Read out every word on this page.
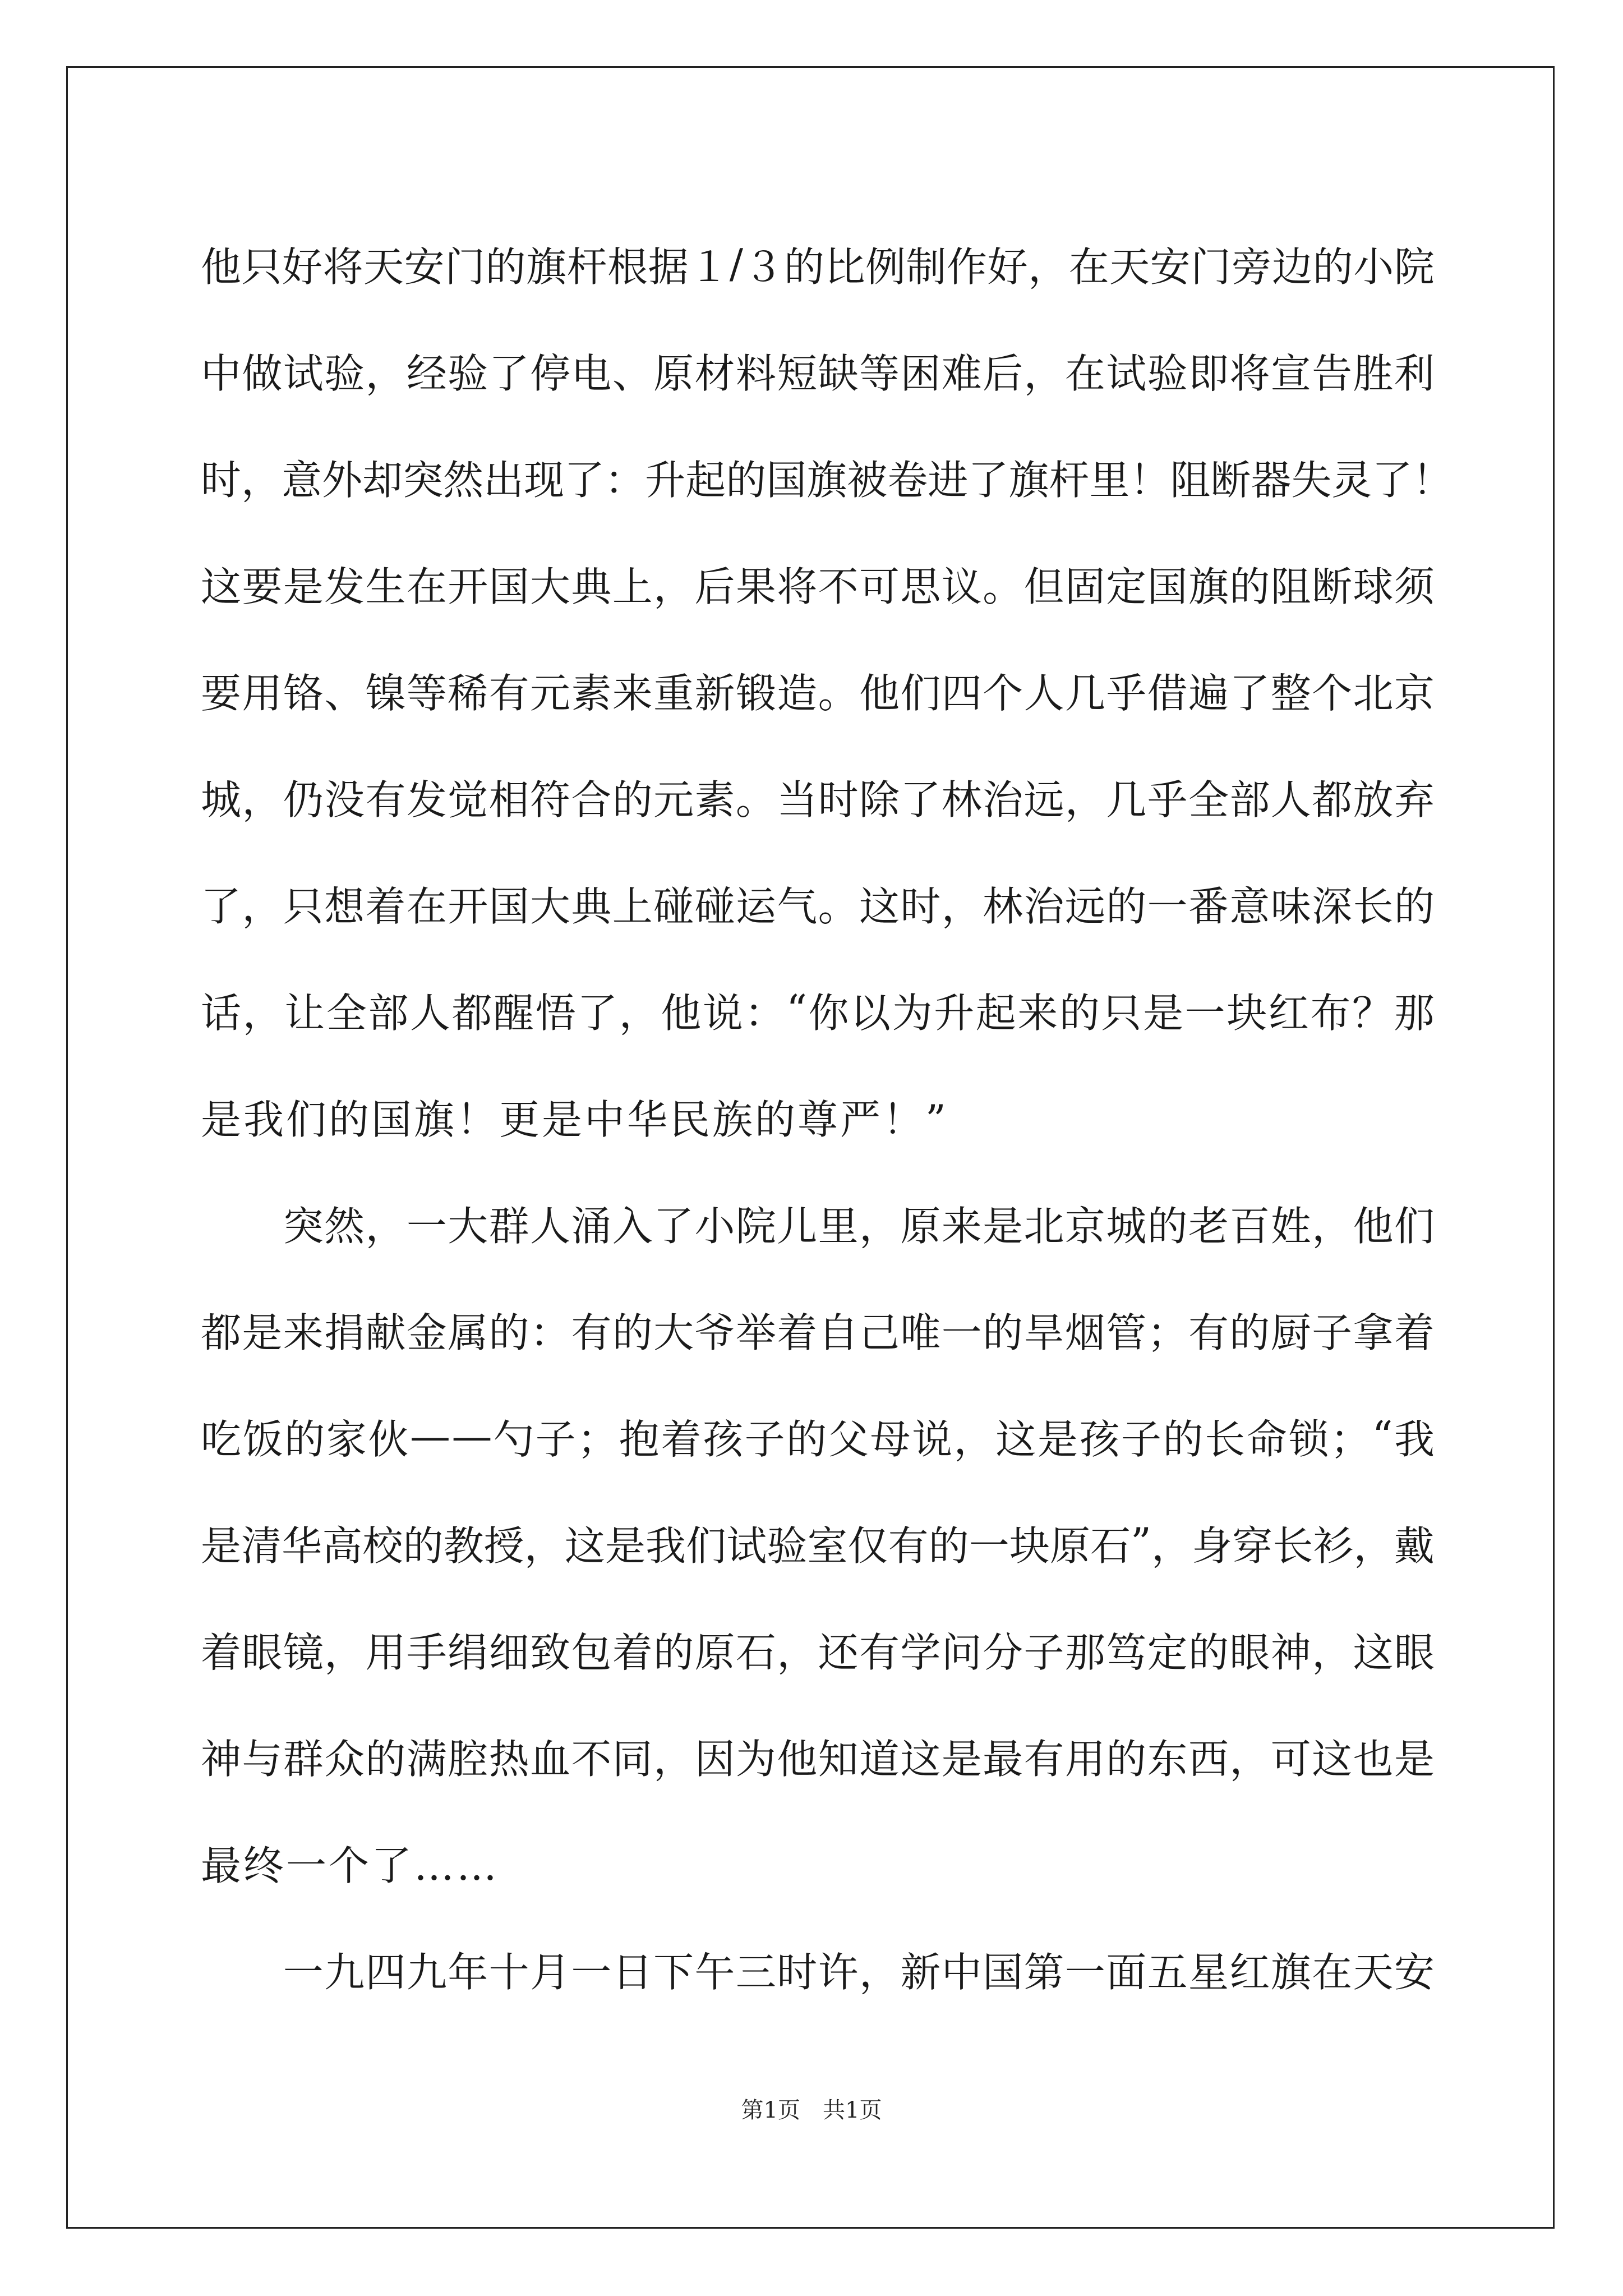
他 只 好 将 天 安 门 的 旗 杆 根 据 １ / ３ 的 比 例 制 作 好 ， 在 天 安 门 旁 边 的 小 院
中 做 试 验 ， 经 验 了 停 电 、 原 材 料 短 缺 等 困 难 后 ， 在 试 验 即 将 宣 告 胜 利
时 ， 意 外 却 突 然 出 现 了 ： 升 起 的 国 旗 被 卷 进 了 旗 杆 里 ！ 阻 断 器 失 灵 了 ！
这 要 是 发 生 在 开 国 大 典 上 ， 后 果 将 不 可 思 议 。 但 固 定 国 旗 的 阻 断 球 须
要 用 铬 、 镍 等 稀 有 元 素 来 重 新 锻 造 。 他 们 四 个 人 几 乎 借 遍 了 整 个 北 京
城 ， 仍 没 有 发 觉 相 符 合 的 元 素 。 当 时 除 了 林 治 远 ， 几 乎 全 部 人 都 放 弃
了 ， 只 想 着 在 开 国 大 典 上 碰 碰 运 气 。 这 时 ， 林 治 远 的 一 番 意 味 深 长 的
话 ， 让 全 部 人 都 醒 悟 了 ， 他 说 ： “ 你 以 为 升 起 来 的 只 是 一 块 红 布 ？ 那
是我们的国旗！更是中华民族的尊严！”

突 然 ， 一 大 群 人 涌 入 了 小 院 儿 里 ， 原 来 是 北 京 城 的 老 百 姓 ， 他 们
都 是 来 捐 献 金 属 的 ： 有 的 大 爷 举 着 自 己 唯 一 的 旱 烟 管 ； 有 的 厨 子 拿 着
吃 饭 的 家 伙 — — 勺 子 ； 抱 着 孩 子 的 父 母 说 ， 这 是 孩 子 的 长 命 锁 ； “ 我
是 清 华 高 校 的 教 授 ， 这 是 我 们 试 验 室 仅 有 的 一 块 原 石 ” ， 身 穿 长 衫 ， 戴
着 眼 镜 ， 用 手 绢 细 致 包 着 的 原 石 ， 还 有 学 问 分 子 那 笃 定 的 眼 神 ， 这 眼
神 与 群 众 的 满 腔 热 血 不 同 ， 因 为 他 知 道 这 是 最 有 用 的 东 西 ， 可 这 也 是
最终一个了……

一 九 四 九 年 十 月 一 日 下 午 三 时 许 ， 新 中 国 第 一 面 五 星 红 旗 在 天 安
第1页　共1页
